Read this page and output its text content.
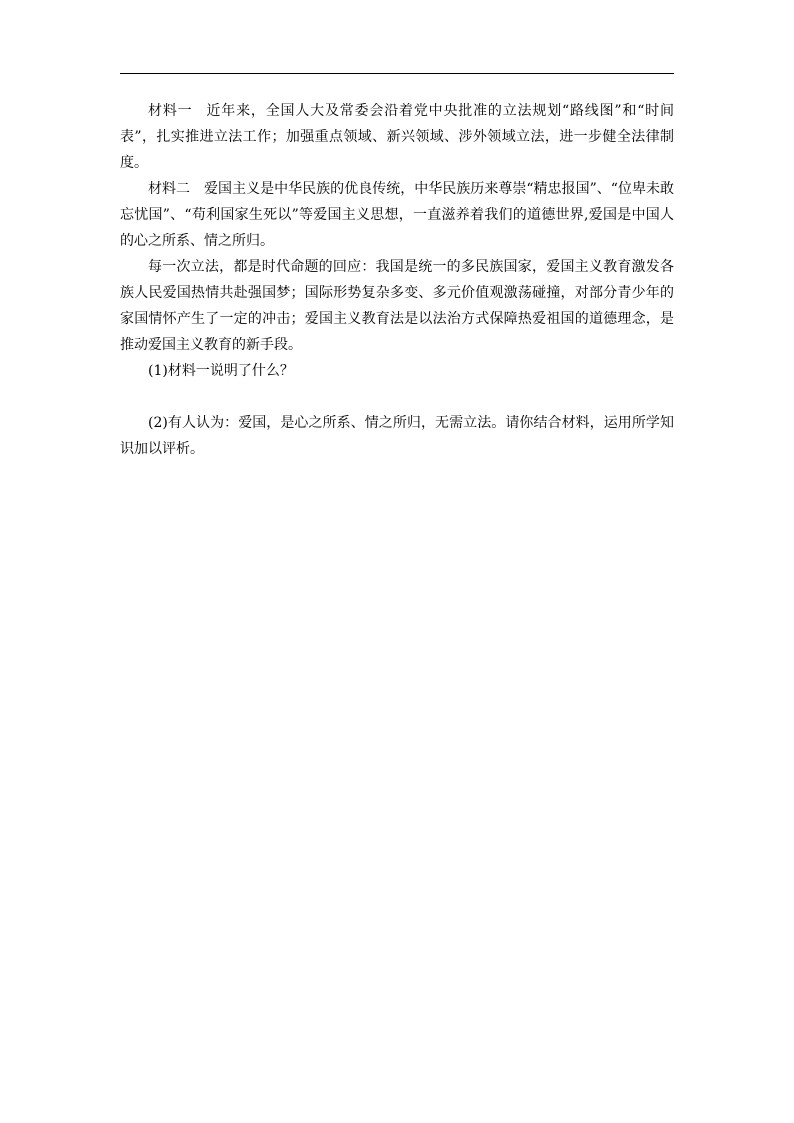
材料一 近年来，全国人大及常委会沿着党中央批准的立法规划“路线图”和“时间表”，扎实推进立法工作；加强重点领域、新兴领域、涉外领域立法，进一步健全法律制度。

材料二 爱国主义是中华民族的优良传统，中华民族历来尊崇“精忠报国”、“位卑未敢忘忧国”、“苟利国家生死以”等爱国主义思想，一直滋养着我们的道德世界,爱国是中国人的心之所系、情之所归。

每一次立法，都是时代命题的回应：我国是统一的多民族国家，爱国主义教育激发各族人民爱国热情共赴强国梦；国际形势复杂多变、多元价值观激荡碰撞，对部分青少年的家国情怀产生了一定的冲击；爱国主义教育法是以法治方式保障热爱祖国的道德理念，是推动爱国主义教育的新手段。

(1)材料一说明了什么？

(2)有人认为：爱国，是心之所系、情之所归，无需立法。请你结合材料，运用所学知识加以评析。
